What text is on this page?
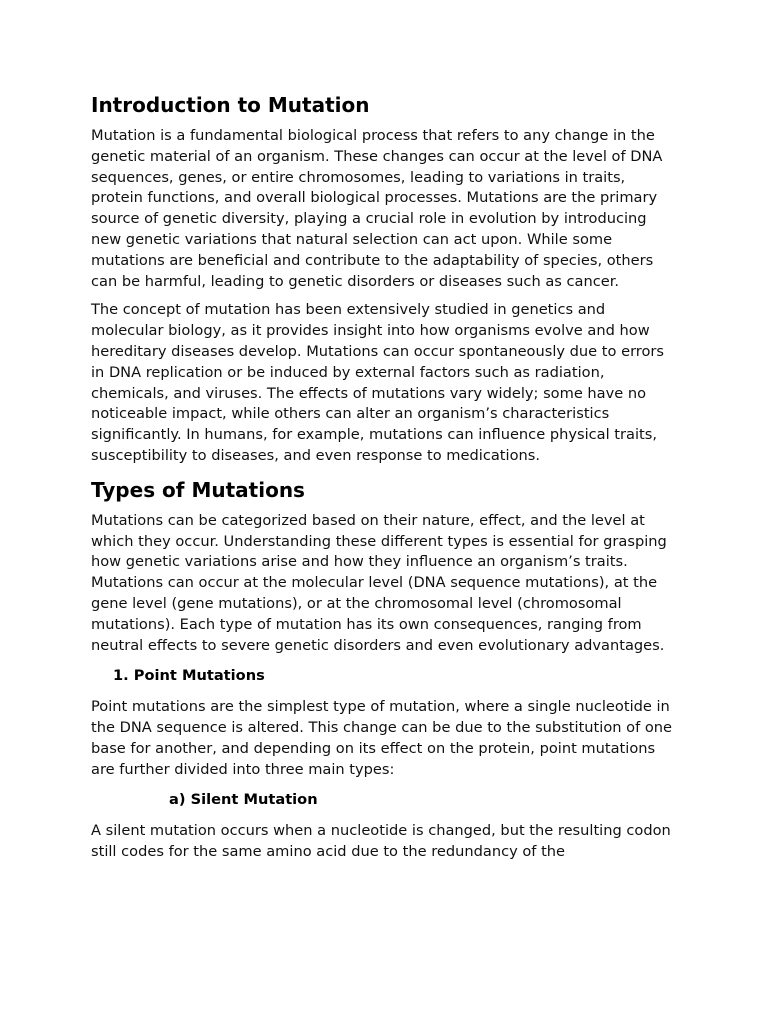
Introduction to Mutation

Mutation is a fundamental biological process that refers to any change in the genetic material of an organism. These changes can occur at the level of DNA sequences, genes, or entire chromosomes, leading to variations in traits, protein functions, and overall biological processes. Mutations are the primary source of genetic diversity, playing a crucial role in evolution by introducing new genetic variations that natural selection can act upon. While some mutations are beneficial and contribute to the adaptability of species, others can be harmful, leading to genetic disorders or diseases such as cancer.

The concept of mutation has been extensively studied in genetics and molecular biology, as it provides insight into how organisms evolve and how hereditary diseases develop. Mutations can occur spontaneously due to errors in DNA replication or be induced by external factors such as radiation, chemicals, and viruses. The effects of mutations vary widely; some have no noticeable impact, while others can alter an organism’s characteristics significantly. In humans, for example, mutations can influence physical traits, susceptibility to diseases, and even response to medications.

Types of Mutations

Mutations can be categorized based on their nature, effect, and the level at which they occur. Understanding these different types is essential for grasping how genetic variations arise and how they influence an organism’s traits. Mutations can occur at the molecular level (DNA sequence mutations), at the gene level (gene mutations), or at the chromosomal level (chromosomal mutations). Each type of mutation has its own consequences, ranging from neutral effects to severe genetic disorders and even evolutionary advantages.

1. Point Mutations

Point mutations are the simplest type of mutation, where a single nucleotide in the DNA sequence is altered. This change can be due to the substitution of one base for another, and depending on its effect on the protein, point mutations are further divided into three main types:

a) Silent Mutation

A silent mutation occurs when a nucleotide is changed, but the resulting codon still codes for the same amino acid due to the redundancy of the
